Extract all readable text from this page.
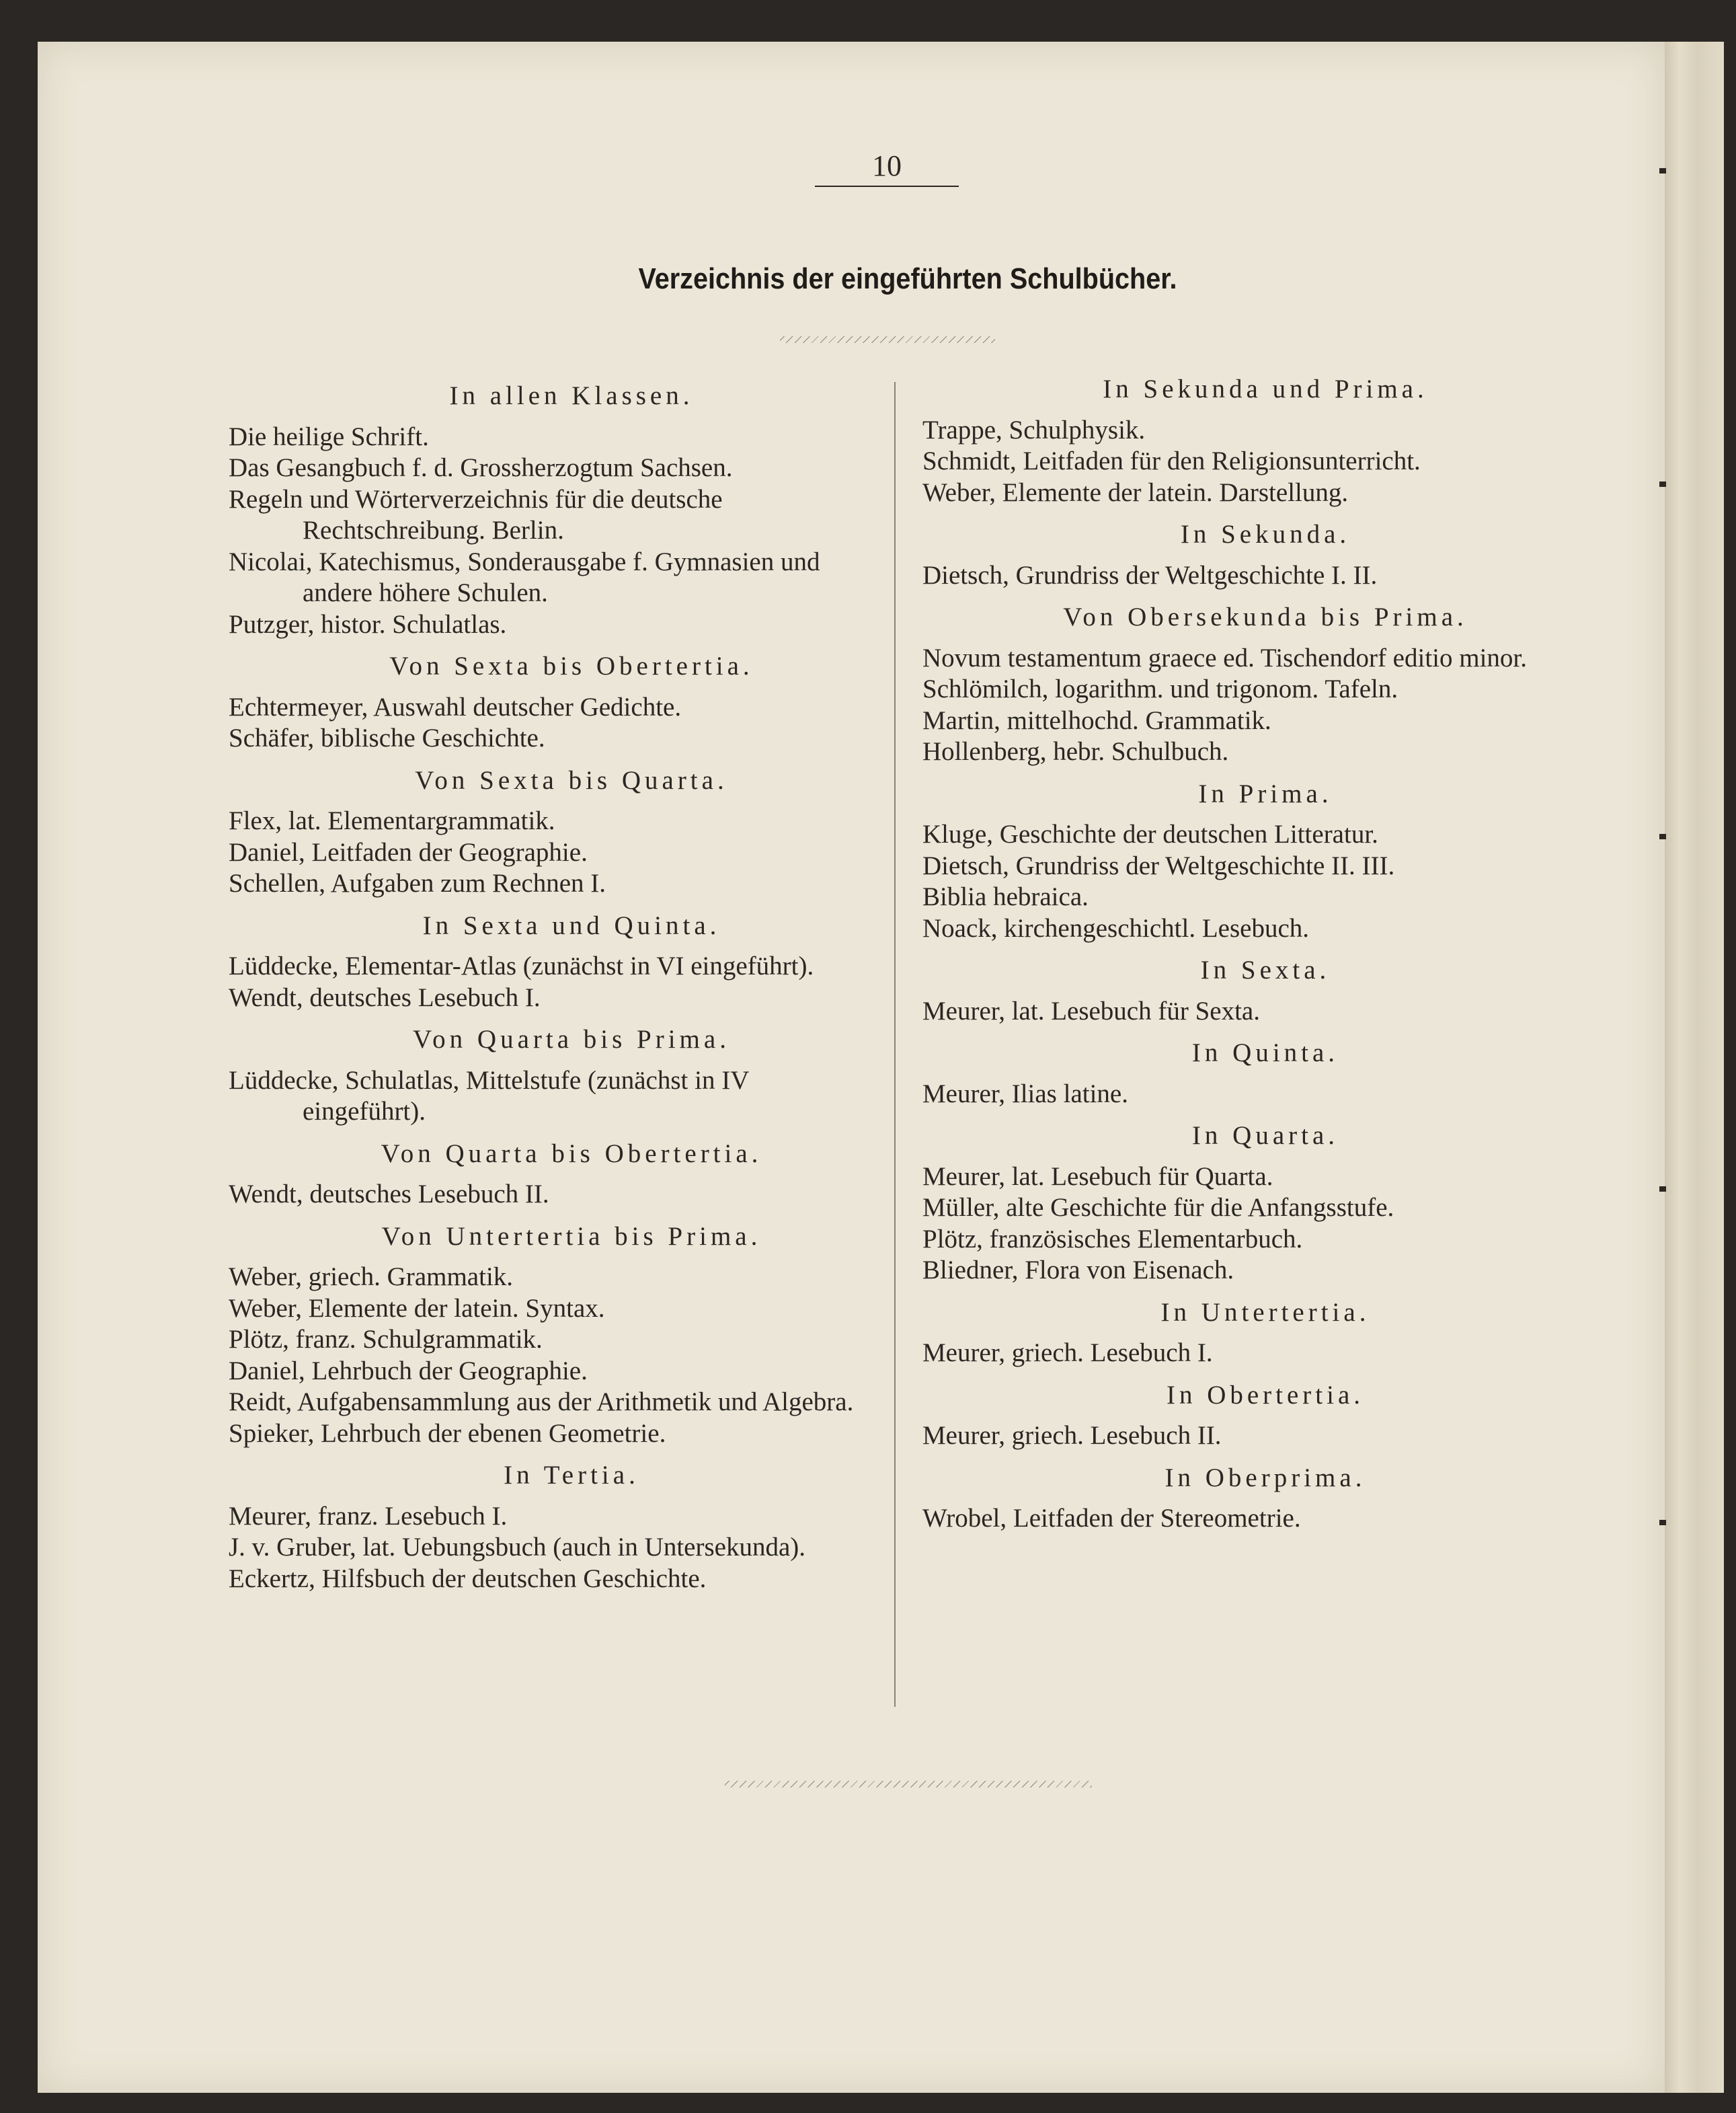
10
Verzeichnis der eingeführten Schulbücher.
In allen Klassen.
Die heilige Schrift.
Das Gesangbuch f. d. Grossherzogtum Sachsen.
Regeln und Wörterverzeichnis für die deutsche Rechtschreibung. Berlin.
Nicolai, Katechismus, Sonderausgabe f. Gymnasien und andere höhere Schulen.
Putzger, histor. Schulatlas.
Von Sexta bis Obertertia.
Echtermeyer, Auswahl deutscher Gedichte.
Schäfer, biblische Geschichte.
Von Sexta bis Quarta.
Flex, lat. Elementargrammatik.
Daniel, Leitfaden der Geographie.
Schellen, Aufgaben zum Rechnen I.
In Sexta und Quinta.
Lüddecke, Elementar-Atlas (zunächst in VI eingeführt).
Wendt, deutsches Lesebuch I.
Von Quarta bis Prima.
Lüddecke, Schulatlas, Mittelstufe (zunächst in IV eingeführt).
Von Quarta bis Obertertia.
Wendt, deutsches Lesebuch II.
Von Untertertia bis Prima.
Weber, griech. Grammatik.
Weber, Elemente der latein. Syntax.
Plötz, franz. Schulgrammatik.
Daniel, Lehrbuch der Geographie.
Reidt, Aufgabensammlung aus der Arithmetik und Algebra.
Spieker, Lehrbuch der ebenen Geometrie.
In Tertia.
Meurer, franz. Lesebuch I.
J. v. Gruber, lat. Uebungsbuch (auch in Untersekunda).
Eckertz, Hilfsbuch der deutschen Geschichte.
In Sekunda und Prima.
Trappe, Schulphysik.
Schmidt, Leitfaden für den Religionsunterricht.
Weber, Elemente der latein. Darstellung.
In Sekunda.
Dietsch, Grundriss der Weltgeschichte I. II.
Von Obersekunda bis Prima.
Novum testamentum graece ed. Tischendorf editio minor.
Schlömilch, logarithm. und trigonom. Tafeln.
Martin, mittelhochd. Grammatik.
Hollenberg, hebr. Schulbuch.
In Prima.
Kluge, Geschichte der deutschen Litteratur.
Dietsch, Grundriss der Weltgeschichte II. III.
Biblia hebraica.
Noack, kirchengeschichtl. Lesebuch.
In Sexta.
Meurer, lat. Lesebuch für Sexta.
In Quinta.
Meurer, Ilias latine.
In Quarta.
Meurer, lat. Lesebuch für Quarta.
Müller, alte Geschichte für die Anfangsstufe.
Plötz, französisches Elementarbuch.
Bliedner, Flora von Eisenach.
In Untertertia.
Meurer, griech. Lesebuch I.
In Obertertia.
Meurer, griech. Lesebuch II.
In Oberprima.
Wrobel, Leitfaden der Stereometrie.
